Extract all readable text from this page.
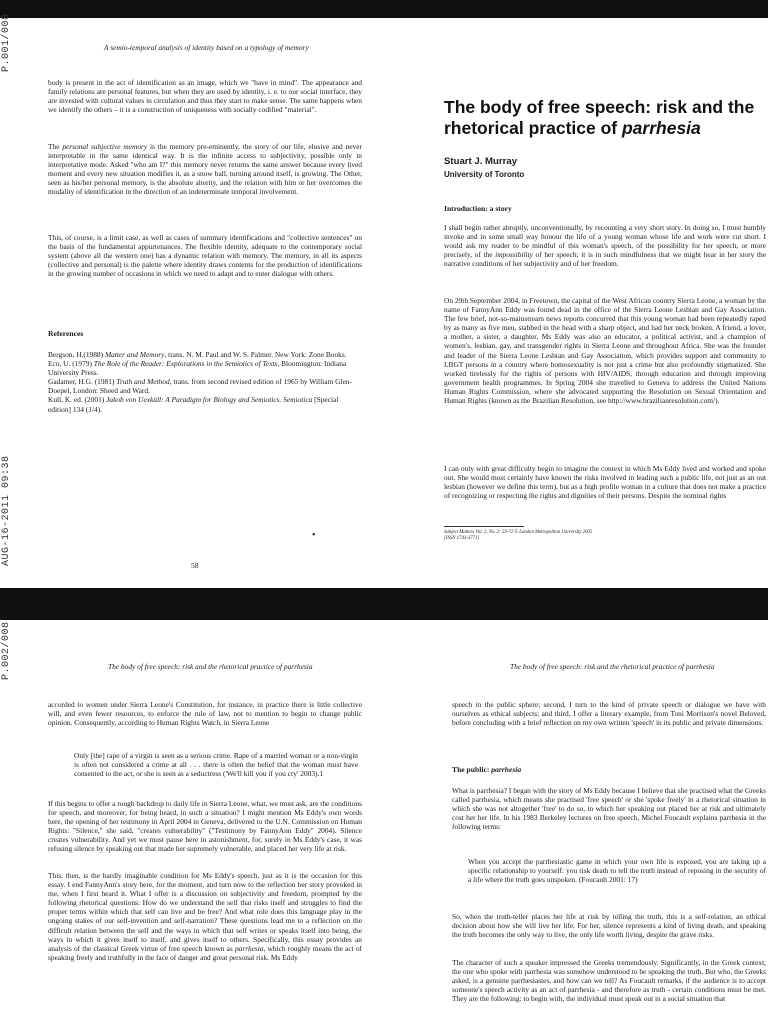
P.001/008
AUG-16-2011 09:38
P.002/008
A semio-temporal analysis of identity based on a typology of memory

body is present in the act of identification as an image, which we "have in mind". The appearance and family relations are personal features, but when they are used by identity, i. e. to our social interface, they are invested with cultural values in circulation and thus they start to make sense. The same happens when we identify the others – it is a construction of uniqueness with socially codified "material".

The personal subjective memory is the memory pre-eminently, the story of our life, elusive and never interpretable in the same identical way. It is the infinite access to subjectivity, possible only in interpretative mode. Asked "who am I?" this memory never returns the same answer because every lived moment and every new situation modifies it, as a snow ball, turning around itself, is growing. The Other, seen as his/her personal memory, is the absolute alterity, and the relation with him or her overcomes the modality of identification in the direction of an indeterminate temporal involvement.

This, of course, is a limit case, as well as cases of summary identifications and "collective sentences" on the basis of the fundamental appurtenances. The flexible identity, adequate to the contemporary social system (above all the western one) has a dynamic relation with memory. The memory, in all its aspects (collective and personal) is the palette where identity draws contents for the production of identifications in the growing number of occasions in which we need to adapt and to enter dialogue with others.

References

Bergson, H.(1988) Matter and Memory, trans. N. M. Paul and W. S. Palmer. New York: Zone Books.

Eco, U. (1979) The Role of the Reader: Explorations in the Semiotics of Texts, Bloomington: Indiana University Press.

Gadamer, H.G. (1981) Truth and Method, trans. from second revised edition of 1965 by William Glen-Doepel, London: Sheed and Ward.

Kull, K. ed. (2001) Jakob von Uexküll: A Paradigm for Biology and Semiotics. Semiotica [Special edition] 134 (1/4).

•
58
The body of free speech: risk and the rhetorical practice of parrhesia

Stuart J. Murray

University of Toronto

Introduction: a story

I shall begin rather abruptly, unconventionally, by recounting a very short story. In doing so, I must humbly invoke and in some small way honour the life of a young woman whose life and work were cut short. I would ask my reader to be mindful of this woman's speech, of the possibility for her speech, or more precisely, of the impossibility of her speech; it is in such mindfulness that we might hear in her story the narrative conditions of her subjectivity and of her freedom.

On 29th September 2004, in Freetown, the capital of the West African country Sierra Leone, a woman by the name of FannyAnn Eddy was found dead in the office of the Sierra Leone Lesbian and Gay Association. The few brief, not-so-mainstream news reports concurred that this young woman had been repeatedly raped by as many as five men, stabbed in the head with a sharp object, and had her neck broken. A friend, a lover, a mother, a sister, a daughter, Ms Eddy was also an educator, a political activist, and a champion of women's, lesbian, gay, and transgender rights in Sierra Leone and throughout Africa. She was the founder and leader of the Sierra Leone Lesbian and Gay Association, which provides support and community to LBGT persons in a country where homosexuality is not just a crime but also profoundly stigmatized. She worked tirelessly for the rights of persons with HIV/AIDS, through education and through improving government health programmes. In Spring 2004 she travelled to Geneva to address the United Nations Human Rights Commission, where she advocated supporting the Resolution on Sexual Orientation and Human Rights (known as the Brazilian Resolution, see http://www.brazilianresolution.com/).

I can only with great difficulty begin to imagine the context in which Ms Eddy lived and worked and spoke out. She would most certainly have known the risks involved in leading such a public life, not just as an out lesbian (however we define this term), but as a high profile woman in a culture that does not make a practice of recognizing or respecting the rights and dignities of their persons. Despite the nominal rights

Subject Matters Vol. 2, No. 2: 59-72 © London Metropolitan University 2005
[ISSN 1743-3771]
The body of free speech: risk and the rhetorical practice of parrhesia

accorded to women under Sierra Leone's Constitution, for instance, in practice there is little collective will, and even fewer resources, to enforce the rule of law, not to mention to begin to change public opinion. Consequently, according to Human Rights Watch, in Sierra Leone

Only [the] rape of a virgin is seen as a serious crime. Rape of a married woman or a non-virgin is often not considered a crime at all . . . there is often the belief that the woman must have consented to the act, or she is seen as a seductress ('We'll kill you if you cry' 2003).1

If this begins to offer a rough backdrop to daily life in Sierra Leone, what, we must ask, are the conditions for speech, and moreover, for being heard, in such a situation? I might mention Ms Eddy's own words here, the opening of her testimony in April 2004 in Geneva, delivered to the U.N. Commission on Human Rights: "Silence," she said, "creates vulnerability" ("Testimony by FannyAnn Eddy" 2004). Silence creates vulnerability. And yet we must pause here in astonishment, for, surely in Ms Eddy's case, it was refusing silence by speaking out that made her supremely vulnerable, and placed her very life at risk.

This, then, is the hardly imaginable condition for Ms Eddy's speech, just as it is the occasion for this essay. I end FannyAnn's story here, for the moment, and turn now to the reflection her story provoked in me, when I first heard it. What I offer is a discussion on subjectivity and freedom, prompted by the following rhetorical questions: How do we understand the self that risks itself and struggles to find the proper terms within which that self can live and be free? And what role does this language play in the ongoing stakes of our self-invention and self-narration? These questions lead me to a reflection on the difficult relation between the self and the ways in which that self writes or speaks itself into being, the ways in which it gives itself to itself, and gives itself to others. Specifically, this essay provides an analysis of the classical Greek virtue of free speech known as parrhesia, which roughly means the act of speaking freely and truthfully in the face of danger and great personal risk. Ms Eddy

The body of free speech: risk and the rhetorical practice of parrhesia

speech in the public sphere; second, I turn to the kind of private speech or dialogue we have with ourselves as ethical subjects; and third, I offer a literary example, from Toni Morrison's novel Beloved, before concluding with a brief reflection on my own written 'speech' in its public and private dimensions.

The public: parrhesia

What is parrhesia? I began with the story of Ms Eddy because I believe that she practised what the Greeks called parrhesia, which means she practised 'free speech' or she 'spoke freely' in a rhetorical situation in which she was not altogether 'free' to do so, in which her speaking out placed her at risk and ultimately cost her her life. In his 1983 Berkeley lectures on free speech, Michel Foucault explains parrhesia in the following terms:

When you accept the parrhesiastic game in which your own life is exposed, you are taking up a specific relationship to yourself: you risk death to tell the truth instead of reposing in the security of a life where the truth goes unspoken. (Foucault 2001: 17)

So, when the truth-teller places her life at risk by telling the truth, this is a self-relation, an ethical decision about how she will live her life. For her, silence represents a kind of living death, and speaking the truth becomes the only way to live, the only life worth living, despite the grave risks.

The character of such a speaker impressed the Greeks tremendously. Significantly, in the Greek context, the one who spoke with parrhesia was somehow understood to be speaking the truth. But who, the Greeks asked, is a genuine parrhesiastes, and how can we tell? As Foucault remarks, if the audience is to accept someone's speech activity as an act of parrhesia - and therefore as truth - certain conditions must be met. They are the following: to begin with, the individual must speak out in a social situation that
